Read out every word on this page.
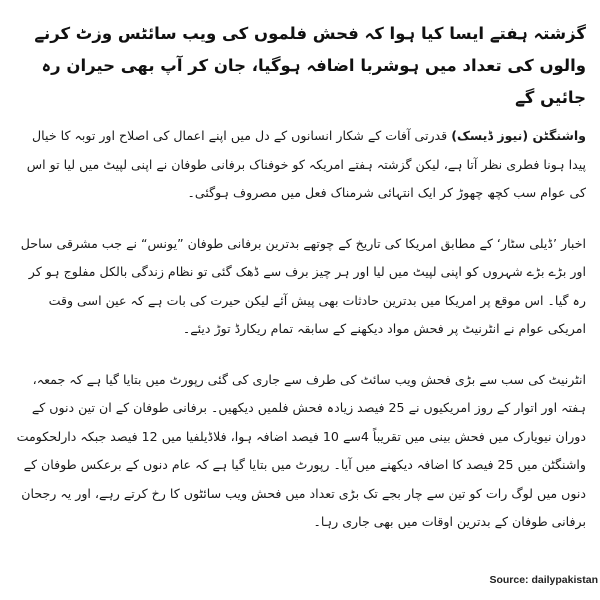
گزشتہ ہفتے ایسا کیا ہوا کہ فحش فلموں کی ویب سائٹس وزٹ کرنے والوں کی تعداد میں ہوشربا اضافہ ہوگیا، جان کر آپ بھی حیران رہ جائیں گے

واشنگٹن (نیوز ڈیسک) قدرتی آفات کے شکار انسانوں کے دل میں اپنے اعمال کی اصلاح اور توبہ کا خیال پیدا ہونا فطری نظر آتا ہے، لیکن گزشتہ ہفتے امریکہ کو خوفناک برفانی طوفان نے اپنی لپیٹ میں لیا تو اس کی عوام سب کچھ چھوڑ کر ایک انتہائی شرمناک فعل میں مصروف ہوگئی۔

اخبار ’ڈیلی سٹار‘ کے مطابق امریکا کی تاریخ کے چوتھے بدترین برفانی طوفان ”یونس“ نے جب مشرقی ساحل اور بڑے بڑے شہروں کو اپنی لپیٹ میں لیا اور ہر چیز برف سے ڈھک گئی تو نظام زندگی بالکل مفلوج ہو کر رہ گیا۔ اس موقع پر امریکا میں بدترین حادثات بھی پیش آئے لیکن حیرت کی بات ہے کہ عین اسی وقت امریکی عوام نے انٹرنیٹ پر فحش مواد دیکھنے کے سابقہ تمام ریکارڈ توڑ دیئے۔

انٹرنیٹ کی سب سے بڑی فحش ویب سائٹ کی طرف سے جاری کی گئی رپورٹ میں بتایا گیا ہے کہ جمعہ، ہفتہ اور اتوار کے روز امریکیوں نے 25 فیصد زیادہ فحش فلمیں دیکھیں۔ برفانی طوفان کے ان تین دنوں کے دوران نیویارک میں فحش بینی میں تقریباً 4سے 10 فیصد اضافہ ہوا، فلاڈیلفیا میں 12 فیصد جبکہ دارلحکومت واشنگٹن میں 25 فیصد کا اضافہ دیکھنے میں آیا۔ رپورٹ میں بتایا گیا ہے کہ عام دنوں کے برعکس طوفان کے دنوں میں لوگ رات کو تین سے چار بجے تک بڑی تعداد میں فحش ویب سائٹوں کا رخ کرتے رہے، اور یہ رجحان برفانی طوفان کے بدترین اوقات میں بھی جاری رہا۔

Source: dailypakistan
